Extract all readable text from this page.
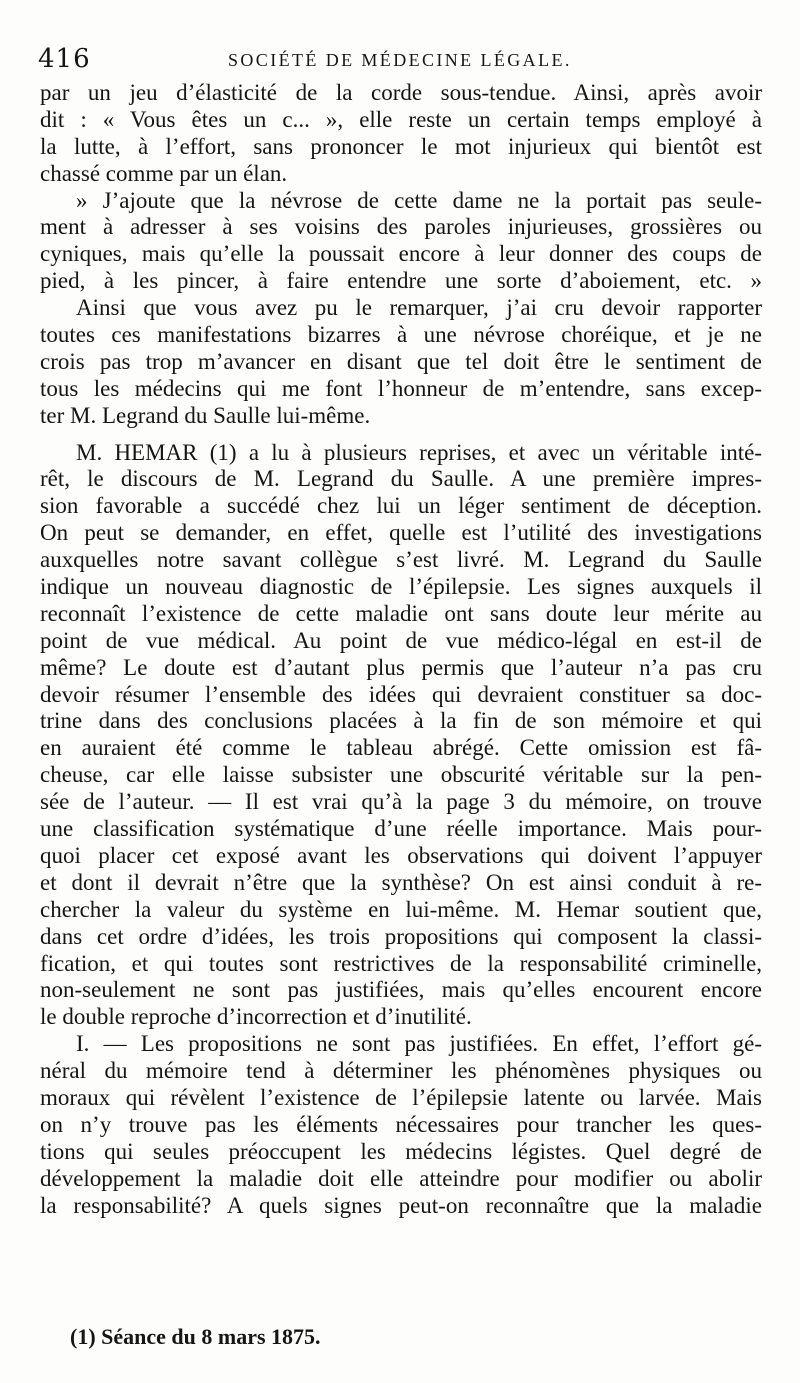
416	SOCIÉTÉ DE MÉDECINE LÉGALE.
par un jeu d’élasticité de la corde sous-tendue. Ainsi, après avoir
dit : « Vous êtes un c... », elle reste un certain temps employé à
la lutte, à l’effort, sans prononcer le mot injurieux qui bientôt est
chassé comme par un élan.
» J’ajoute que la névrose de cette dame ne la portait pas seule-
ment à adresser à ses voisins des paroles injurieuses, grossières ou
cyniques, mais qu’elle la poussait encore à leur donner des coups de
pied, à les pincer, à faire entendre une sorte d’aboiement, etc. »
Ainsi que vous avez pu le remarquer, j’ai cru devoir rapporter
toutes ces manifestations bizarres à une névrose choréique, et je ne
crois pas trop m’avancer en disant que tel doit être le sentiment de
tous les médecins qui me font l’honneur de m’entendre, sans excep-
ter M. Legrand du Saulle lui-même.
M. HEMAR (1) a lu à plusieurs reprises, et avec un véritable inté-
rêt, le discours de M. Legrand du Saulle. A une première impres-
sion favorable a succédé chez lui un léger sentiment de déception.
On peut se demander, en effet, quelle est l’utilité des investigations
auxquelles notre savant collègue s’est livré. M. Legrand du Saulle
indique un nouveau diagnostic de l’épilepsie. Les signes auxquels il
reconnaît l’existence de cette maladie ont sans doute leur mérite au
point de vue médical. Au point de vue médico-légal en est-il de
même? Le doute est d’autant plus permis que l’auteur n’a pas cru
devoir résumer l’ensemble des idées qui devraient constituer sa doc-
trine dans des conclusions placées à la fin de son mémoire et qui
en auraient été comme le tableau abrégé. Cette omission est fâ-
cheuse, car elle laisse subsister une obscurité véritable sur la pen-
sée de l’auteur. — Il est vrai qu’à la page 3 du mémoire, on trouve
une classification systématique d’une réelle importance. Mais pour-
quoi placer cet exposé avant les observations qui doivent l’appuyer
et dont il devrait n’être que la synthèse? On est ainsi conduit à re-
chercher la valeur du système en lui-même. M. Hemar soutient que,
dans cet ordre d’idées, les trois propositions qui composent la classi-
fication, et qui toutes sont restrictives de la responsabilité criminelle,
non-seulement ne sont pas justifiées, mais qu’elles encourent encore
le double reproche d’incorrection et d’inutilité.
I. — Les propositions ne sont pas justifiées. En effet, l’effort gé-
néral du mémoire tend à déterminer les phénomènes physiques ou
moraux qui révèlent l’existence de l’épilepsie latente ou larvée. Mais
on n’y trouve pas les éléments nécessaires pour trancher les ques-
tions qui seules préoccupent les médecins légistes. Quel degré de
développement la maladie doit elle atteindre pour modifier ou abolir
la responsabilité? A quels signes peut-on reconnaître que la maladie
(1) Séance du 8 mars 1875.
